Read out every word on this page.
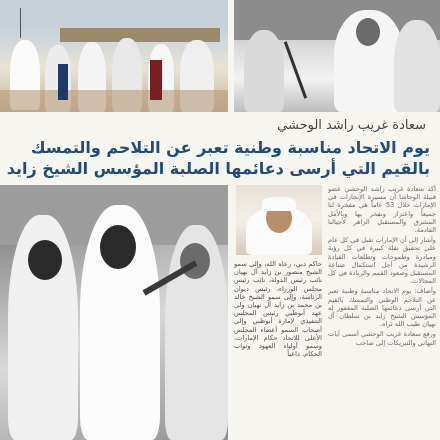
سعادة غريب راشد الوحشي
يوم الاتحاد مناسبة وطنية تعبر عن التلاحم والتمسك
بالقيم التي أرسى دعائمها الصلبة المؤسس الشيخ زايد

أكد سعادة غريب راشد الوحشي عضو قبيلة الوحاشا أن مسيرة الإنجازات في الإمارات خلال 53 عاماً هي مفخرة لنا جميعاً واعتزاز ونفخر بها وبالأمل المشرق والمستقبل الزاهر لأجيالنا القادمة.

وأشار إلى أن الإمارات تقبل في كل عام على تحقيق نقلة كبيرة في كل رؤية ومبادرة وطموحات وتطلعات القيادة الرشيدة من أجل استكمال صناعة المستقبل وصعود القمم والريادة في كل المجالات.

وأضاف: يوم الاتحاد مناسبة وطنية تعبر عن التلاحم الوطني والتمسك بالقيم التي أرسى دعائمها الصلبة المغفور له المؤسس الشيخ زايد بن سلطان آل نهيان طيب الله ثراه.

ورفع سعادة غريب الوحشي أسمى آيات التهاني والتبريكات إلى صاحب

حاكم دبي، رعاه الله، وإلى سمو الشيخ منصور بن زايد آل نهيان نائب رئيس الدولة، نائب رئيس مجلس الوزراء، رئيس ديوان الرئاسة، وإلى سمو الشيخ خالد بن محمد بن زايد آل نهيان ولي عهد أبوظبي رئيس المجلس التنفيذي لإمارة أبوظبي وإلى أصحاب السمو أعضاء المجلس الأعلى للاتحاد حكام الإمارات، وسمو أولياء العهود ونواب الحكام، داعياً
